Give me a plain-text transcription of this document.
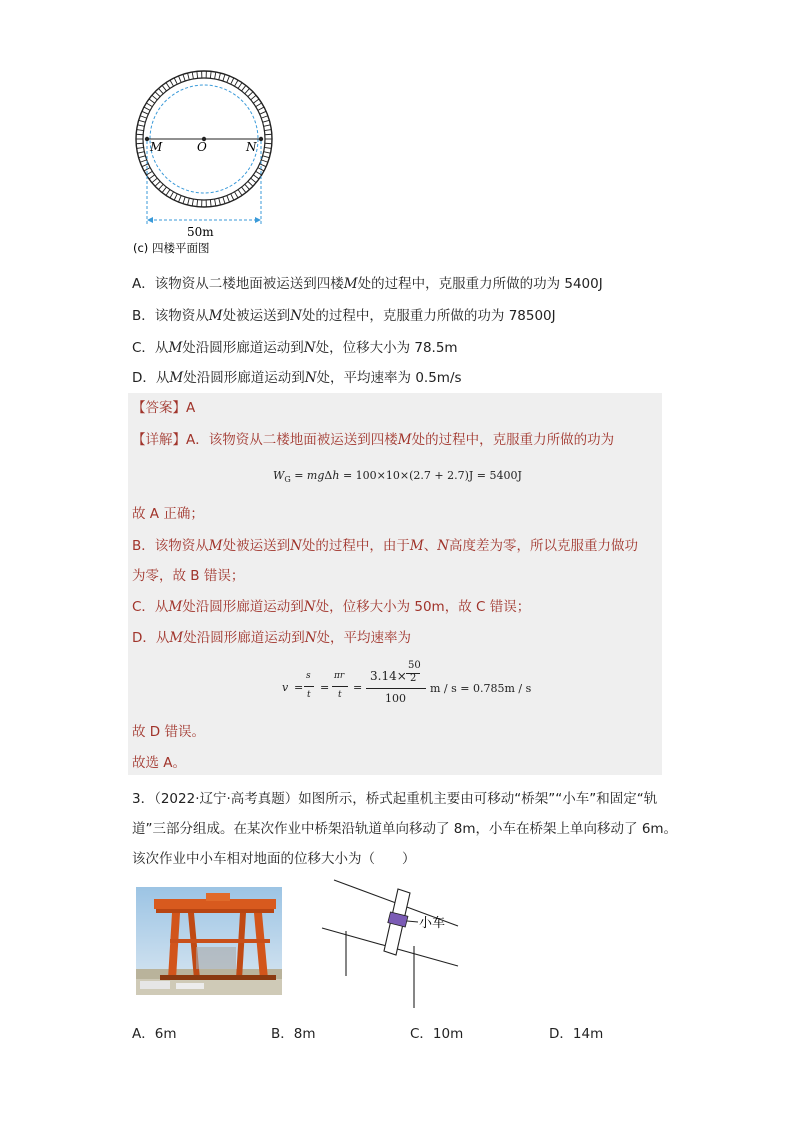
M	O	N
50m
(c) 四楼平面图
A．该物资从二楼地面被运送到四楼M处的过程中，克服重力所做的功为 5400J
B．该物资从M处被运送到N处的过程中，克服重力所做的功为 78500J
C．从M处沿圆形廊道运动到N处，位移大小为 78.5m
D．从M处沿圆形廊道运动到N处，平均速率为 0.5m/s
【答案】A
【详解】A．该物资从二楼地面被运送到四楼M处的过程中，克服重力所做的功为
$W_G = mg\Delta h = 100\times 10\times(2.7 + 2.7)J = 5400J$
故 A 正确；
B．该物资从M处被运送到N处的过程中，由于M、N高度差为零，所以克服重力做功
为零，故 B 错误；
C．从M处沿圆形廊道运动到N处，位移大小为 50m，故 C 错误；
D．从M处沿圆形廊道运动到N处，平均速率为
v =
s
t
=
πr
t
=
3.14×
50
2
100
m / s = 0.785m / s
故 D 错误。
故选 A。
3．（2022·辽宁·高考真题）如图所示，桥式起重机主要由可移动“桥架”“小车”和固定“轨
道”三部分组成。在某次作业中桥架沿轨道单向移动了 8m，小车在桥架上单向移动了 6m。
该次作业中小车相对地面的位移大小为（　　）
小车
A．6m	B．8m	C．10m	D．14m
